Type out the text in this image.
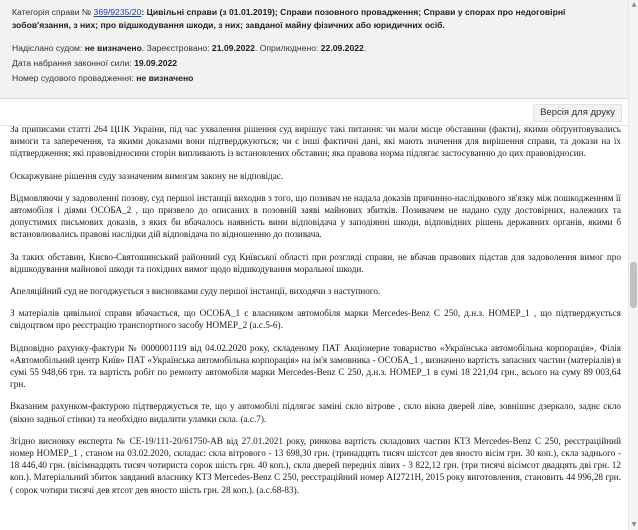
Категорія справи № 369/9235/20: Цивільні справи (з 01.01.2019); Справи позовного провадження; Справи у спорах про недоговірні зобов'язання, з них; про відшкодування шкоди, з них; завданої майну фізичних або юридичних осіб.
Надіслано судом: не визначено. Зареєстровано: 21.09.2022. Оприлюднено: 22.09.2022.
Дата набрання законної сили: 19.09.2022
Номер судового провадження: не визначено
Версія для друку

За приписами статті 264 ЦПК України, під час ухвалення рішення суд вирішує такі питання: чи мали місце обставини (факти), якими обґрунтовувались вимоги та заперечення, та якими доказами вони підтверджуються; чи є інші фактичні дані, які мають значення для вирішення справи, та докази на їх підтвердження; які правовідносини сторін випливають із встановлених обставин; яка правова норма підлягає застосуванню до цих правовідносин.

Оскаржуване рішення суду зазначеним вимогам закону не відповідає.

Відмовляючи у задоволенні позову, суд першої інстанції виходив з того, що позивач не надала доказів причинно-наслідкового зв'язку між пошкодженням її автомобіля і діями ОСОБА_2 , що призвело до описаних в позовній заяві майнових збитків. Позивачем не надано суду достовірних, належних та допустимих письмових доказів, з яких би вбачалось наявність вини відповідача у заподіянні шкоди, відповідних рішень державних органів, якими б встановлювались правові наслідки дій відповідача по відношенню до позивача.

За таких обставин, Києво-Святошинський районний суд Київської області при розгляді справи, не вбачав правових підстав для задоволення вимог про відшкодування майнової шкоди та похідних вимог щодо відшкодування моральної шкоди.

Апеляційний суд не погоджується з висновками суду першої інстанції, виходячи з наступного.

З матеріалів цивільної справи вбачається, що ОСОБА_1 є власником автомобіля марки Mercedes-Benz C 250, д.н.з. НОМЕР_1 , що підтверджується свідоцтвом про реєстрацію транспортного засобу НОМЕР_2 (а.с.5-6).

Відповідно рахунку-фактури № 0000001119 від 04.02.2020 року, складеному ПАТ Акціонерне товариство «Українська автомобільна корпорація», Філія «Автомобільний центр Київ» ПАТ «Українська автомобільна корпорація» на ім'я замовника - ОСОБА_1 , визначено вартість запасних частин (матеріалів) в сумі 55 948,66 грн. та вартість робіт по ремонту автомобіля марки Mercedes-Benz C 250, д.н.з. НОМЕР_1 в сумі 18 221,04 грн., всього на суму 89 003,64 грн.

Вказаним рахунком-фактурою підтверджується те, що у автомобілі підлягає заміні скло вітрове , скло вікна дверей ліве, зовнішнє дзеркало, заднє скло (вікно задньої стінки) та необхідно видалити уламки скла. (а.с.7).

Згідно висновку експерта № СЕ-19/111-20/61750-АВ від 27.01.2021 року, ринкова вартість складових частин КТЗ Mercedes-Benz C 250, реєстраційний номер НОМЕР_1 , станом на 03.02.2020, складає: скла вітрового - 13 698,30 грн. (тринадцять тисяч шістсот дев яносто вісім грн. 30 коп.), скла заднього - 18 446,40 грн. (вісімнадцять тисяч чотириста сорок шість грн. 40 коп.), скла дверей передніх лівих - 3 822,12 грн. (три тисячі вісімсот двадцять дві грн. 12 коп.). Матеріальний збиток завданий власнику КТЗ Mercedes-Benz C 250, реєстраційний номер АІ2721Н, 2015 року виготовлення, становить 44 996,28 грн. ( сорок чотири тисячі дев ятсот дев яносто шість грн. 28 коп.). (а.с.68-83).

▲
▼
